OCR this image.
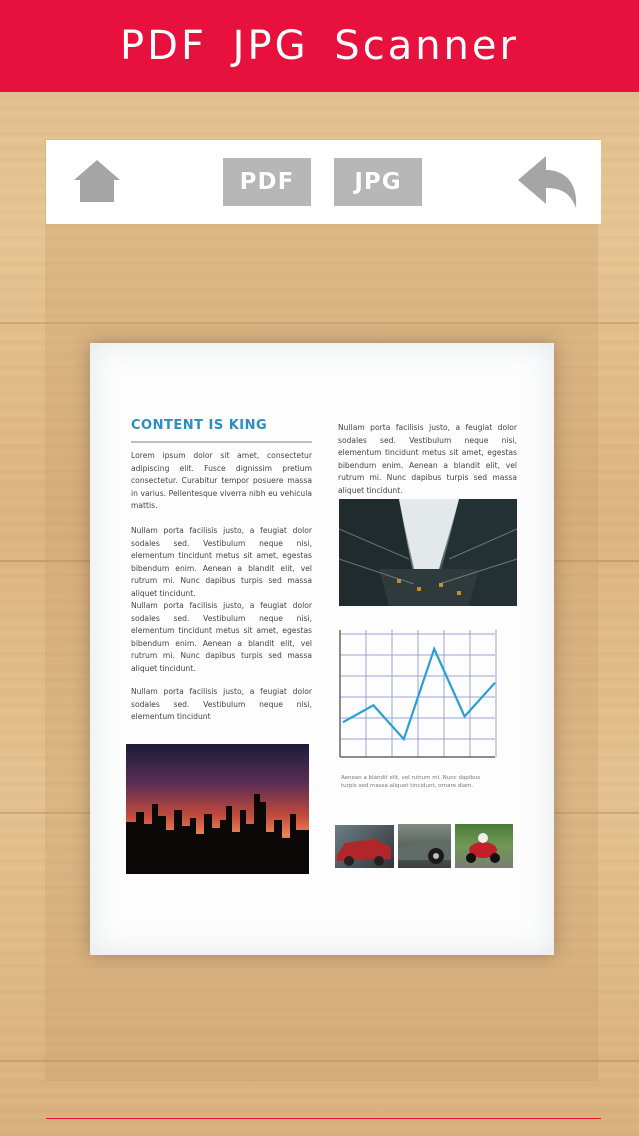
PDF JPG Scanner
PDF	JPG
CONTENT IS KING
Lorem ipsum dolor sit amet, consectetur adipiscing elit. Fusce dignissim pretium consectetur. Curabitur tempor posuere massa in varius. Pellentesque viverra nibh eu vehicula mattis.
Nullam porta facilisis justo, a feugiat dolor sodales sed. Vestibulum neque nisi, elementum tincidunt metus sit amet, egestas bibendum enim. Aenean a blandit elit, vel rutrum mi. Nunc dapibus turpis sed massa aliquet tincidunt.
Nullam porta facilisis justo, a feugiat dolor sodales sed. Vestibulum neque nisi, elementum tincidunt metus sit amet, egestas bibendum enim. Aenean a blandit elit, vel rutrum mi. Nunc dapibus turpis sed massa aliquet tincidunt.
Nullam porta facilisis justo, a feugiat dolor sodales sed. Vestibulum neque nisi, elementum tincidunt
Nullam porta facilisis justo, a feugiat dolor sodales sed. Vestibulum neque nisi, elementum tincidunt metus sit amet, egestas bibendum enim. Aenean a blandit elit, vel rutrum mi. Nunc dapibus turpis sed massa aliquet tincidunt.
Aenean a blandit elit, vel rutrum mi. Nunc dapibus turpis sed massa aliquet tincidunt, ornare diam.
